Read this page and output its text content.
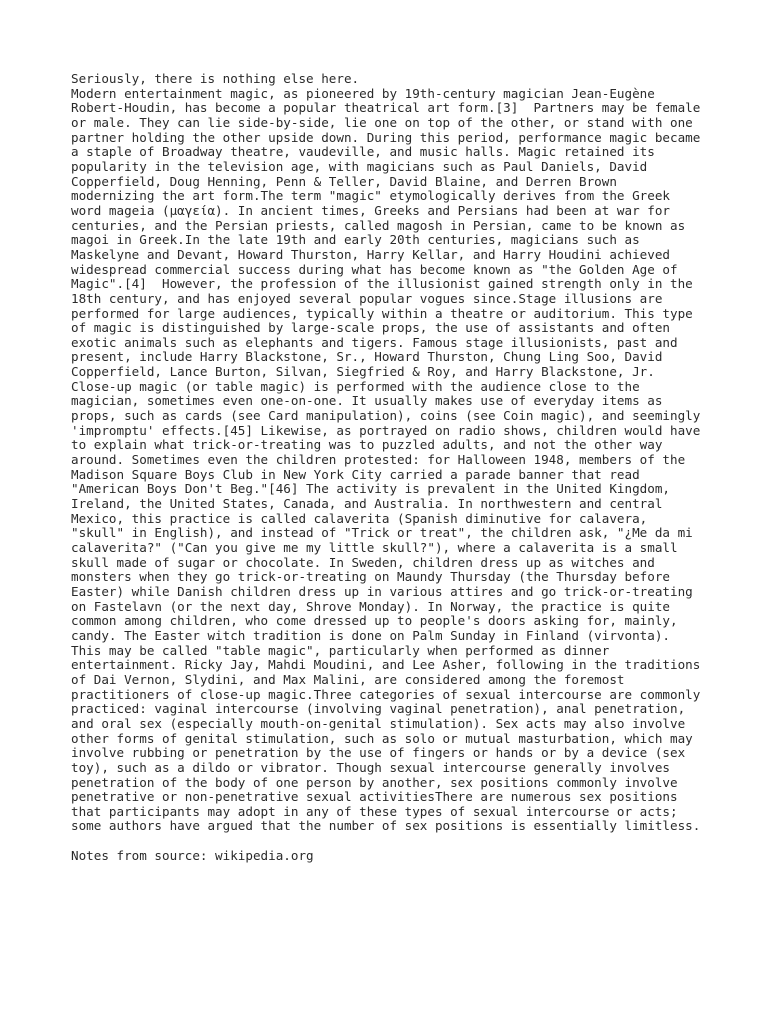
Seriously, there is nothing else here.
Modern entertainment magic, as pioneered by 19th-century magician Jean-Eugène
Robert-Houdin, has become a popular theatrical art form.[3]  Partners may be female
or male. They can lie side-by-side, lie one on top of the other, or stand with one
partner holding the other upside down. During this period, performance magic became
a staple of Broadway theatre, vaudeville, and music halls. Magic retained its
popularity in the television age, with magicians such as Paul Daniels, David
Copperfield, Doug Henning, Penn & Teller, David Blaine, and Derren Brown
modernizing the art form.The term "magic" etymologically derives from the Greek
word mageia (μαγεία). In ancient times, Greeks and Persians had been at war for
centuries, and the Persian priests, called magosh in Persian, came to be known as
magoi in Greek.In the late 19th and early 20th centuries, magicians such as
Maskelyne and Devant, Howard Thurston, Harry Kellar, and Harry Houdini achieved
widespread commercial success during what has become known as "the Golden Age of
Magic".[4]  However, the profession of the illusionist gained strength only in the
18th century, and has enjoyed several popular vogues since.Stage illusions are
performed for large audiences, typically within a theatre or auditorium. This type
of magic is distinguished by large-scale props, the use of assistants and often
exotic animals such as elephants and tigers. Famous stage illusionists, past and
present, include Harry Blackstone, Sr., Howard Thurston, Chung Ling Soo, David
Copperfield, Lance Burton, Silvan, Siegfried & Roy, and Harry Blackstone, Jr.
Close-up magic (or table magic) is performed with the audience close to the
magician, sometimes even one-on-one. It usually makes use of everyday items as
props, such as cards (see Card manipulation), coins (see Coin magic), and seemingly
'impromptu' effects.[45] Likewise, as portrayed on radio shows, children would have
to explain what trick-or-treating was to puzzled adults, and not the other way
around. Sometimes even the children protested: for Halloween 1948, members of the
Madison Square Boys Club in New York City carried a parade banner that read
"American Boys Don't Beg."[46] The activity is prevalent in the United Kingdom,
Ireland, the United States, Canada, and Australia. In northwestern and central
Mexico, this practice is called calaverita (Spanish diminutive for calavera,
"skull" in English), and instead of "Trick or treat", the children ask, "¿Me da mi
calaverita?" ("Can you give me my little skull?"), where a calaverita is a small
skull made of sugar or chocolate. In Sweden, children dress up as witches and
monsters when they go trick-or-treating on Maundy Thursday (the Thursday before
Easter) while Danish children dress up in various attires and go trick-or-treating
on Fastelavn (or the next day, Shrove Monday). In Norway, the practice is quite
common among children, who come dressed up to people's doors asking for, mainly,
candy. The Easter witch tradition is done on Palm Sunday in Finland (virvonta).
This may be called "table magic", particularly when performed as dinner
entertainment. Ricky Jay, Mahdi Moudini, and Lee Asher, following in the traditions
of Dai Vernon, Slydini, and Max Malini, are considered among the foremost
practitioners of close-up magic.Three categories of sexual intercourse are commonly
practiced: vaginal intercourse (involving vaginal penetration), anal penetration,
and oral sex (especially mouth-on-genital stimulation). Sex acts may also involve
other forms of genital stimulation, such as solo or mutual masturbation, which may
involve rubbing or penetration by the use of fingers or hands or by a device (sex
toy), such as a dildo or vibrator. Though sexual intercourse generally involves
penetration of the body of one person by another, sex positions commonly involve
penetrative or non-penetrative sexual activitiesThere are numerous sex positions
that participants may adopt in any of these types of sexual intercourse or acts;
some authors have argued that the number of sex positions is essentially limitless.
Notes from source: wikipedia.org
